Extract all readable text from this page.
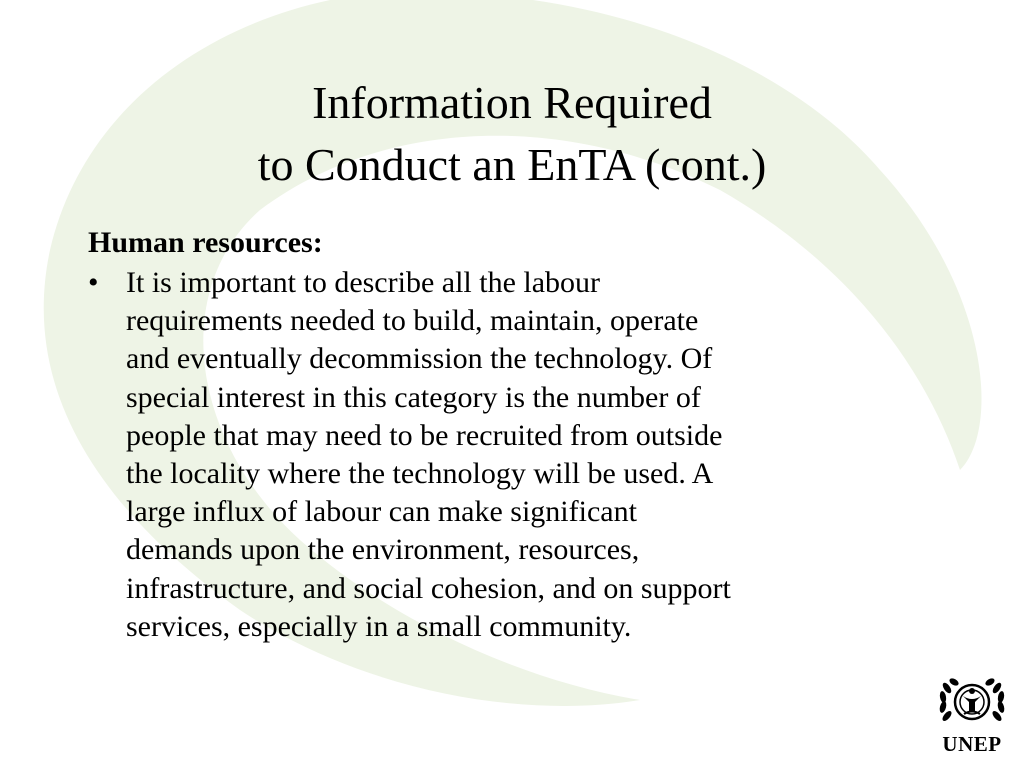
Information Required
to Conduct an EnTA (cont.)

Human resources:

• It is important to describe all the labour
requirements needed to build, maintain, operate
and eventually decommission the technology. Of
special interest in this category is the number of
people that may need to be recruited from outside
the locality where the technology will be used. A
large influx of labour can make significant
demands upon the environment, resources,
infrastructure, and social cohesion, and on support
services, especially in a small community.
UNEP
